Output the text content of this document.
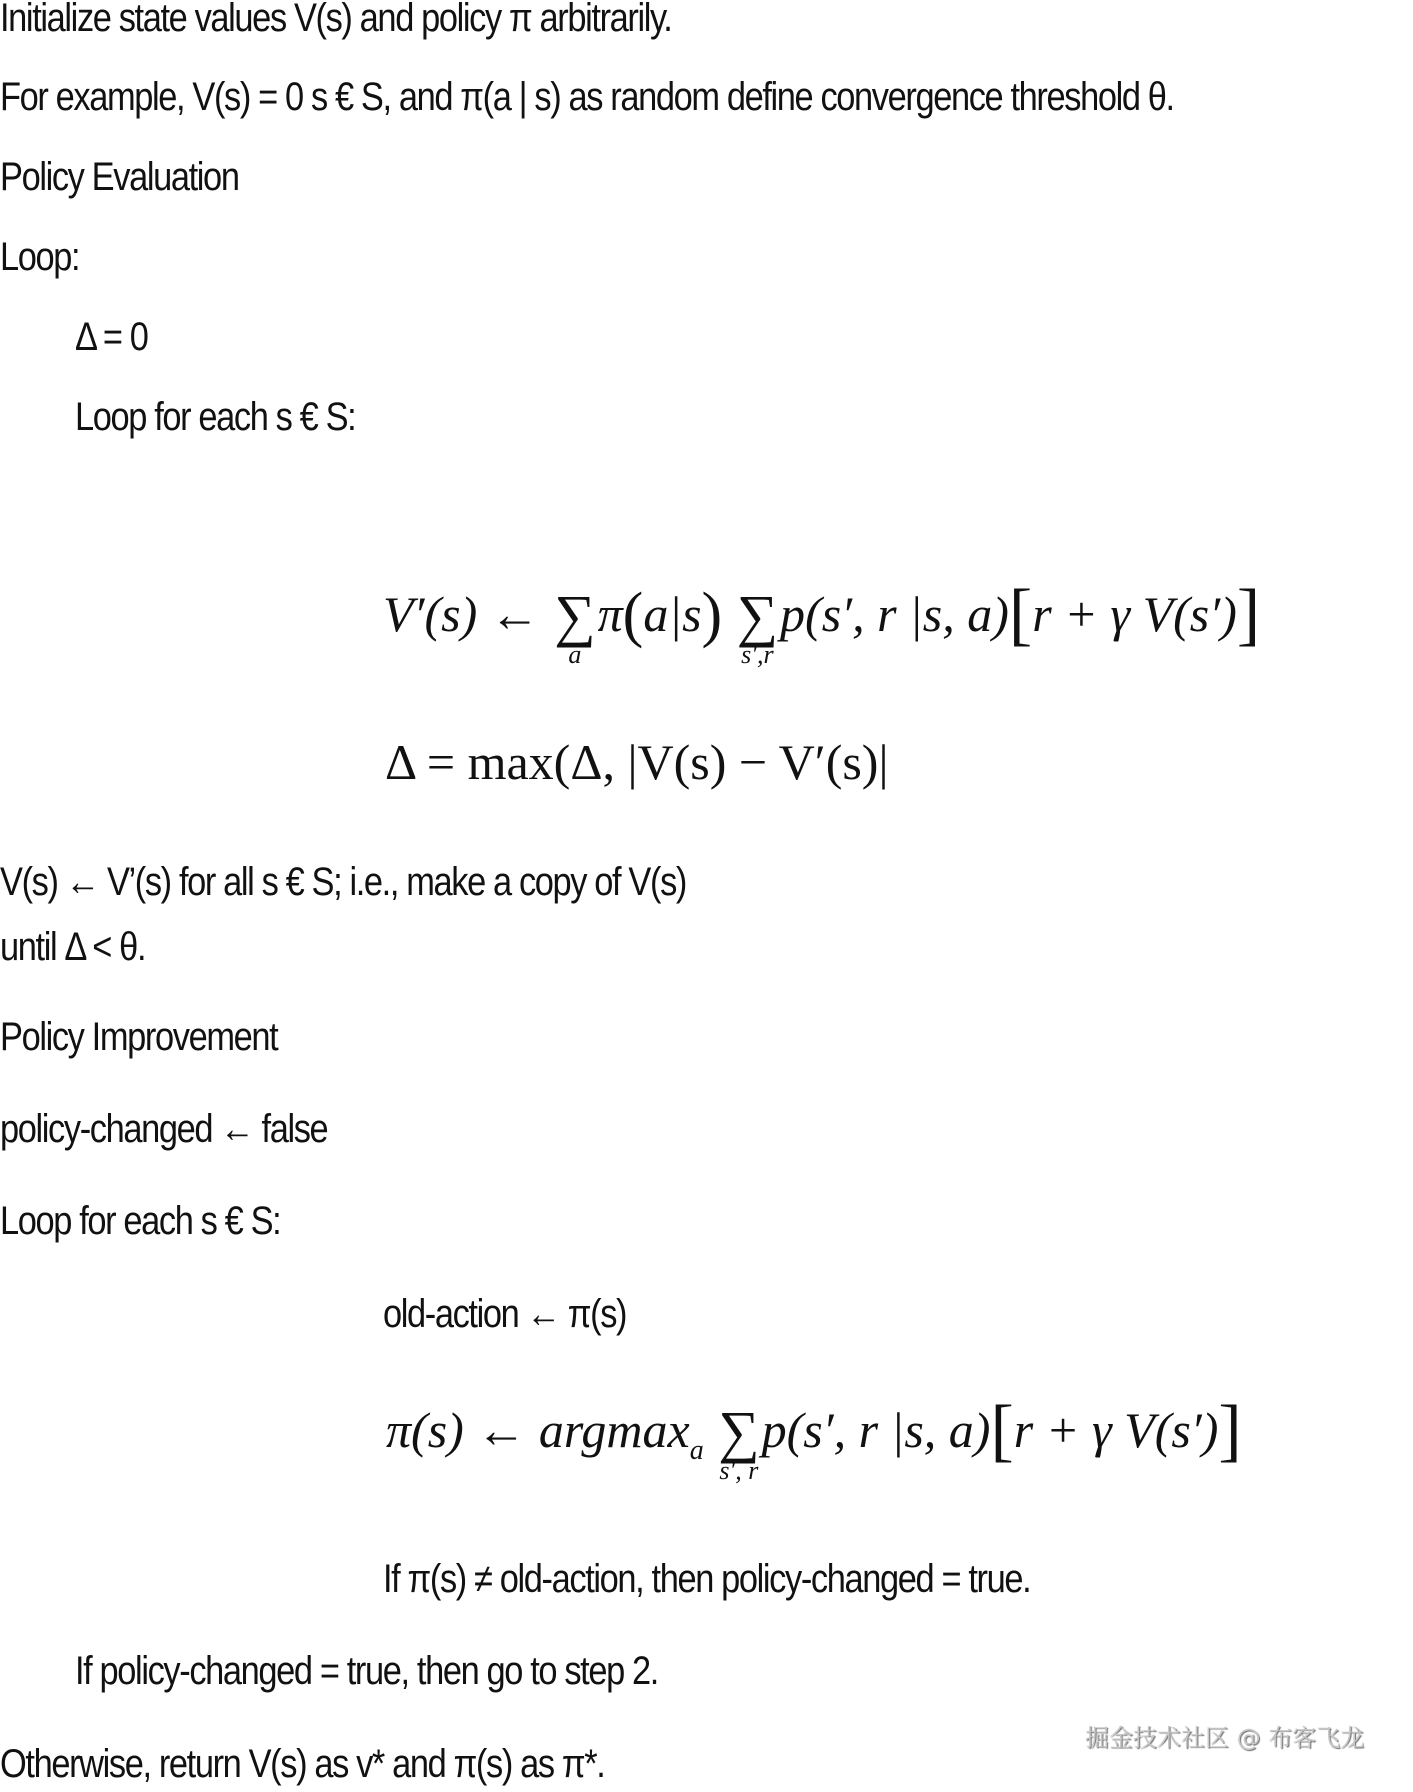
Initialize state values V(s) and policy π arbitrarily.
For example, V(s) = 0 s € S, and π(a | s) as random define convergence threshold θ.
Policy Evaluation
Loop:
Δ = 0
Loop for each s € S:
V′(s) ← ∑
a
π(a|s) ∑
s′,r
p(s′, r |s, a)[r + γ V(s′)]
Δ = max(Δ, |V(s) − V′(s)|
V(s) ← V’(s) for all s € S; i.e., make a copy of V(s)
until Δ < θ.
Policy Improvement
policy-changed ← false
Loop for each s € S:
old-action ← π(s)
π(s) ← argmax$_a$ ∑
s′, r
p(s′, r |s, a)[r + γ V(s′)]
If π(s) ≠ old-action, then policy-changed = true.
If policy-changed = true, then go to step 2.
Otherwise, return V(s) as v* and π(s) as π*.
掘金技术社区 @ 布客飞龙
